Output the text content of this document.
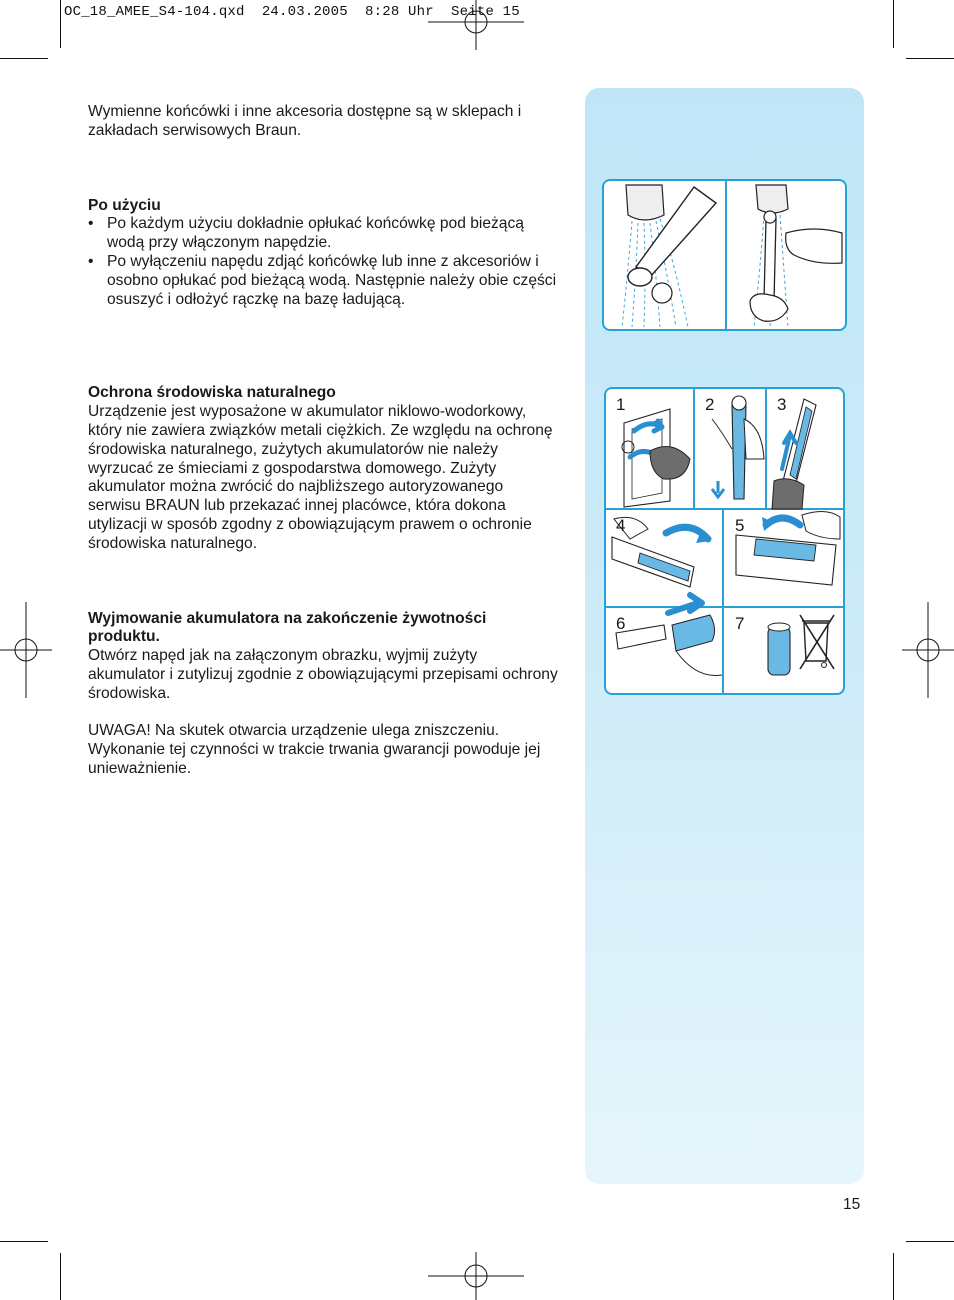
OC_18_AMEE_S4-104.qxd  24.03.2005  8:28 Uhr  Seite 15

Wymienne końcówki i inne akcesoria dostępne są w sklepach i zakładach serwisowych Braun.

Po użyciu
• Po każdym użyciu dokładnie opłukać końcówkę pod bieżącą wodą przy włączonym napędzie.
• Po wyłączeniu napędu zdjąć końcówkę lub inne z akcesoriów i osobno opłukać pod bieżącą wodą. Następnie należy obie części osuszyć i odłożyć rączkę na bazę ładującą.
Ochrona środowiska naturalnego

Urządzenie jest wyposażone w akumulator niklowo-wodorkowy, który nie zawiera związków metali ciężkich. Ze względu na ochronę środowiska naturalnego, zużytych akumulatorów nie należy wyrzucać ze śmieciami z gospodarstwa domowego. Zużyty akumulator można zwrócić do najbliższego autoryzowanego serwisu BRAUN lub przekazać innej placówce, która dokona utylizacji w sposób zgodny z obowiązującym prawem o ochronie środowiska naturalnego.

Wyjmowanie akumulatora na zakończenie żywotności produktu.

Otwórz napęd jak na załączonym obrazku, wyjmij zużyty akumulator i zutylizuj zgodnie z obowiązującymi przepisami ochrony środowiska.

UWAGA! Na skutek otwarcia urządzenie ulega zniszczeniu. Wykonanie tej czynności w trakcie trwania gwarancji powoduje jej unieważnienie.

1	2	3
4	5
6	7
15
